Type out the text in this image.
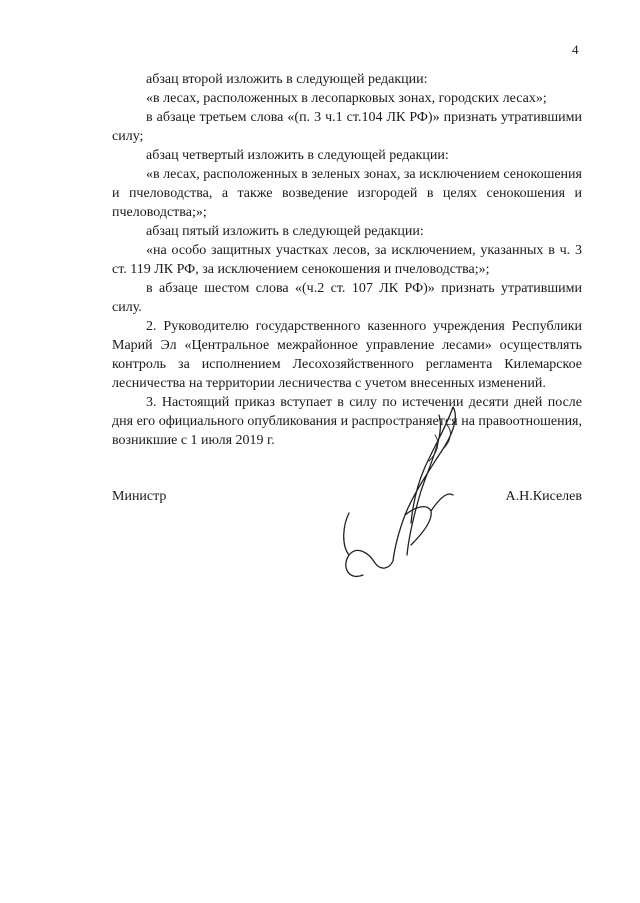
4

абзац второй изложить в следующей редакции:

«в лесах, расположенных в лесопарковых зонах, городских лесах»;

в абзаце третьем слова «(п. 3 ч.1 ст.104 ЛК РФ)» признать утратившими силу;

абзац четвертый изложить в следующей редакции:

«в лесах, расположенных в зеленых зонах, за исключением сенокошения и пчеловодства, а также возведение изгородей в целях сенокошения и пчеловодства;»;

абзац пятый изложить в следующей редакции:

«на особо защитных участках лесов, за исключением, указанных в ч. 3 ст. 119 ЛК РФ, за исключением сенокошения и пчеловодства;»;

в абзаце шестом слова «(ч.2 ст. 107 ЛК РФ)» признать утратившими силу.

2. Руководителю государственного казенного учреждения Республики Марий Эл «Центральное межрайонное управление лесами» осуществлять контроль за исполнением Лесохозяйственного регламента Килемарское лесничества на территории лесничества с учетом внесенных изменений.

3. Настоящий приказ вступает в силу по истечении десяти дней после дня его официального опубликования и распространяется на правоотношения, возникшие с 1 июля 2019 г.

Министр	А.Н.Киселев
